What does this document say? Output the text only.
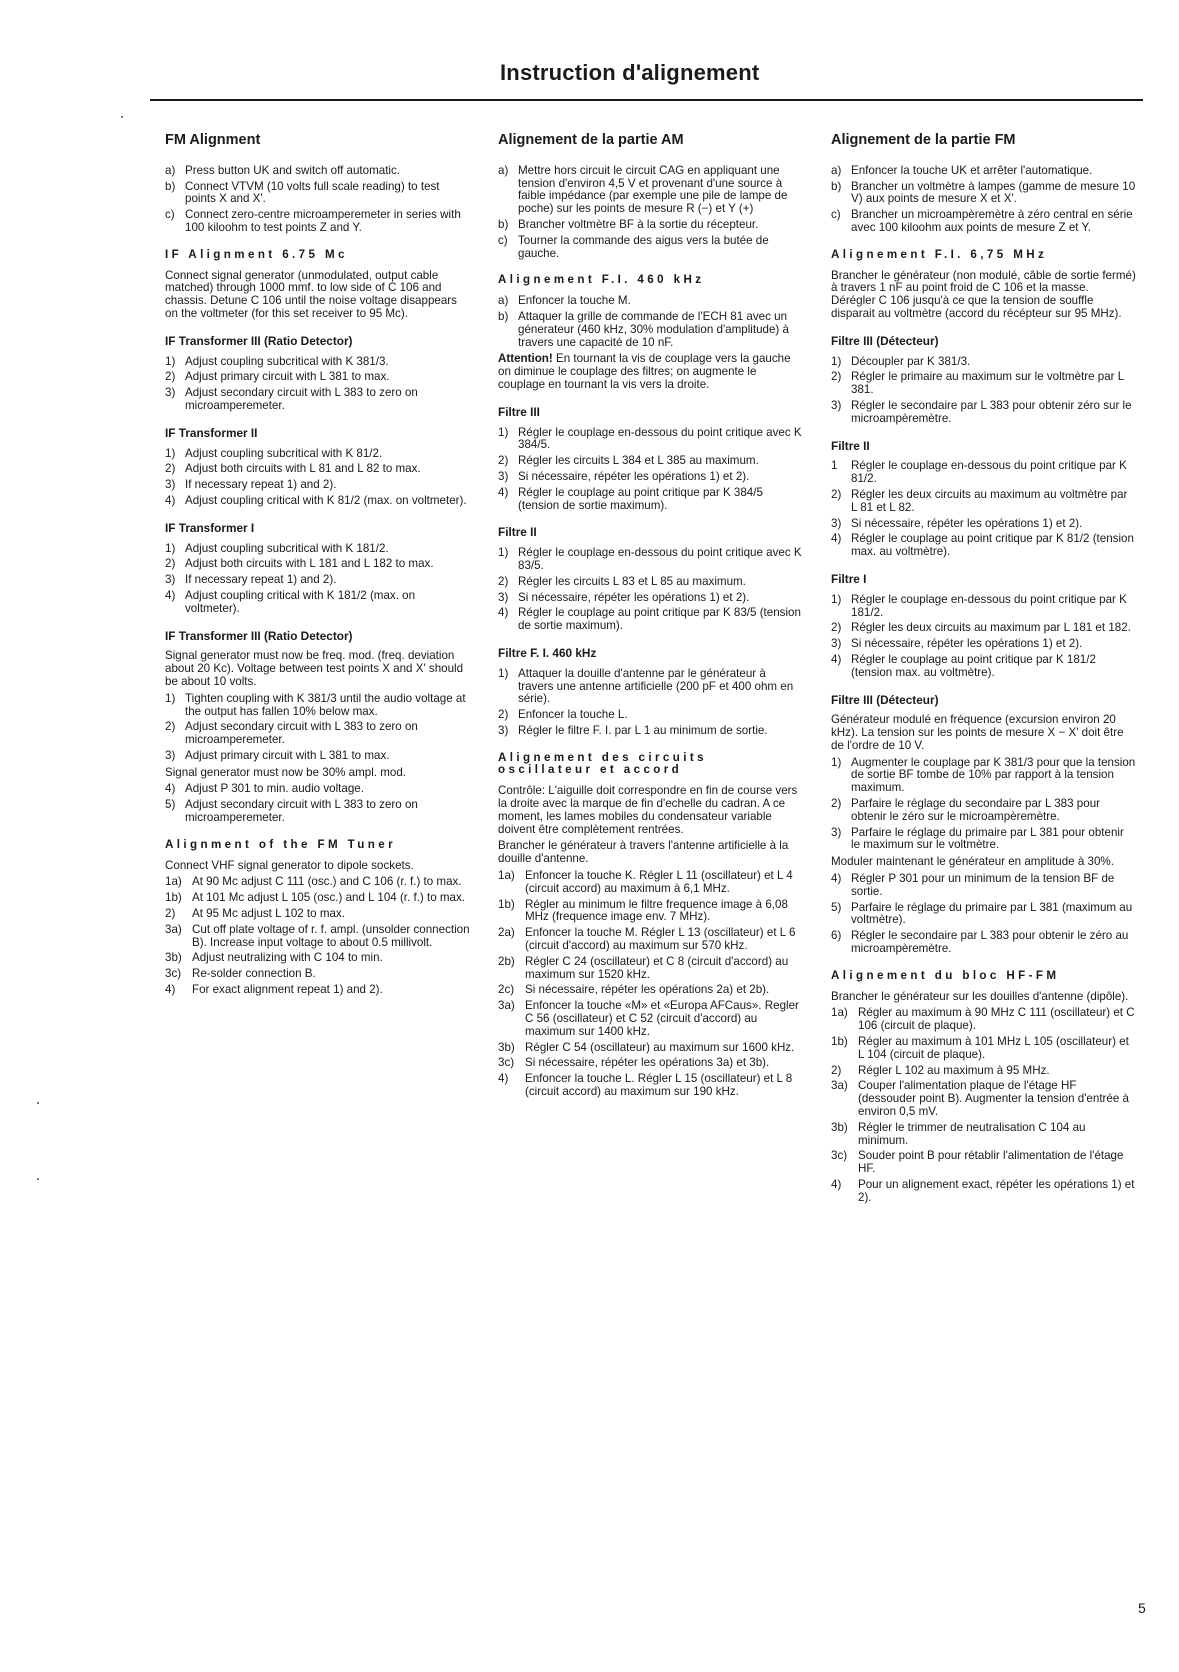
Instruction d'alignement
FM Alignment
a) Press button UK and switch off automatic.
b) Connect VTVM (10 volts full scale reading) to test points X and X'.
c) Connect zero-centre microamperemeter in series with 100 kiloohm to test points Z and Y.
IF Alignment 6.75 Mc

Connect signal generator (unmodulated, output cable matched) through 1000 mmf. to low side of C 106 and chassis. Detune C 106 until the noise voltage disappears on the voltmeter (for this set receiver to 95 Mc).

IF Transformer III (Ratio Detector)
1) Adjust coupling subcritical with K 381/3.
2) Adjust primary circuit with L 381 to max.
3) Adjust secondary circuit with L 383 to zero on microamperemeter.
IF Transformer II
1) Adjust coupling subcritical with K 81/2.
2) Adjust both circuits with L 81 and L 82 to max.
3) If necessary repeat 1) and 2).
4) Adjust coupling critical with K 81/2 (max. on voltmeter).
IF Transformer I
1) Adjust coupling subcritical with K 181/2.
2) Adjust both circuits with L 181 and L 182 to max.
3) If necessary repeat 1) and 2).
4) Adjust coupling critical with K 181/2 (max. on voltmeter).
IF Transformer III (Ratio Detector)

Signal generator must now be freq. mod. (freq. deviation about 20 Kc). Voltage between test points X and X' should be about 10 volts.

1) Tighten coupling with K 381/3 until the audio voltage at the output has fallen 10% below max.
2) Adjust secondary circuit with L 383 to zero on microamperemeter.
3) Adjust primary circuit with L 381 to max.

Signal generator must now be 30% ampl. mod.

4) Adjust P 301 to min. audio voltage.
5) Adjust secondary circuit with L 383 to zero on microamperemeter.
Alignment of the FM Tuner

Connect VHF signal generator to dipole sockets.

1a) At 90 Mc adjust C 111 (osc.) and C 106 (r. f.) to max.
1b) At 101 Mc adjust L 105 (osc.) and L 104 (r. f.) to max.
2)	At 95 Mc adjust L 102 to max.
3a) Cut off plate voltage of r. f. ampl. (unsolder connection B). Increase input voltage to about 0.5 millivolt.
3b) Adjust neutralizing with C 104 to min.
3c) Re-solder connection B.
4)	For exact alignment repeat 1) and 2).
Alignement de la partie AM
a) Mettre hors circuit le circuit CAG en appliquant une tension d'environ 4,5 V et provenant d'une source à faible impédance (par exemple une pile de lampe de poche) sur les points de mesure R (−) et Y (+)
b) Brancher voltmètre BF à la sortie du récepteur.
c) Tourner la commande des aigus vers la butée de gauche.
Alignement F.I. 460 kHz
a) Enfoncer la touche M.
b) Attaquer la grille de commande de l'ECH 81 avec un génerateur (460 kHz, 30% modulation d'amplitude) à travers une capacité de 10 nF.

Attention! En tournant la vis de couplage vers la gauche on diminue le couplage des filtres; on augmente le couplage en tournant la vis vers la droite.

Filtre III
1) Régler le couplage en-dessous du point critique avec K 384/5.
2) Régler les circuits L 384 et L 385 au maximum.
3) Si nécessaire, répéter les opérations 1) et 2).
4) Régler le couplage au point critique par K 384/5 (tension de sortie maximum).
Filtre II
1) Régler le couplage en-dessous du point critique avec K 83/5.
2) Régler les circuits L 83 et L 85 au maximum.
3) Si nécessaire, répéter les opérations 1) et 2).
4) Régler le couplage au point critique par K 83/5 (tension de sortie maximum).
Filtre F. I. 460 kHz
1) Attaquer la douille d'antenne par le générateur à travers une antenne artificielle (200 pF et 400 ohm en série).
2) Enfoncer la touche L.
3) Régler le filtre F. I. par L 1 au minimum de sortie.
Alignement des circuits oscillateur et accord

Contrôle: L'aiguille doit correspondre en fin de course vers la droite avec la marque de fin d'echelle du cadran. A ce moment, les lames mobiles du condensateur variable doivent être complètement rentrées.

Brancher le générateur à travers l'antenne artificielle à la douille d'antenne.

1a) Enfoncer la touche K. Régler L 11 (oscillateur) et L 4 (circuit accord) au maximum à 6,1 MHz.
1b) Régler au minimum le filtre frequence image à 6,08 MHz (frequence image env. 7 MHz).
2a) Enfoncer la touche M. Régler L 13 (oscillateur) et L 6 (circuit d'accord) au maximum sur 570 kHz.
2b) Régler C 24 (oscillateur) et C 8 (circuit d'accord) au maximum sur 1520 kHz.
2c) Si nécessaire, répéter les opérations 2a) et 2b).
3a) Enfoncer la touche «M» et «Europa AFCaus». Regler C 56 (oscillateur) et C 52 (circuit d'accord) au maximum sur 1400 kHz.
3b) Régler C 54 (oscillateur) au maximum sur 1600 kHz.
3c) Si nécessaire, répéter les opérations 3a) et 3b).
4)	Enfoncer la touche L. Régler L 15 (oscillateur) et L 8 (circuit accord) au maximum sur 190 kHz.
Alignement de la partie FM
a) Enfoncer la touche UK et arrêter l'automatique.
b) Brancher un voltmètre à lampes (gamme de mesure 10 V) aux points de mesure X et X'.
c) Brancher un microampèremètre à zéro central en série avec 100 kiloohm aux points de mesure Z et Y.
Alignement F.I. 6,75 MHz

Brancher le générateur (non modulé, câble de sortie fermé) à travers 1 nF au point froid de C 106 et la masse. Dérégler C 106 jusqu'à ce que la tension de souffle disparait au voltmètre (accord du récépteur sur 95 MHz).

Filtre III (Détecteur)
1) Découpler par K 381/3.
2) Régler le primaire au maximum sur le voltmètre par L 381.
3) Régler le secondaire par L 383 pour obtenir zéro sur le microampèremètre.
Filtre II
1	Régler le couplage en-dessous du point critique par K 81/2.
2) Régler les deux circuits au maximum au voltmètre par L 81 et L 82.
3) Si nécessaire, répéter les opérations 1) et 2).
4) Régler le couplage au point critique par K 81/2 (tension max. au voltmètre).
Filtre I
1) Régler le couplage en-dessous du point critique par K 181/2.
2) Régler les deux circuits au maximum par L 181 et 182.
3) Si nécessaire, répéter les opérations 1) et 2).
4) Régler le couplage au point critique par K 181/2 (tension max. au voltmètre).
Filtre III (Détecteur)

Générateur modulé en fréquence (excursion environ 20 kHz). La tension sur les points de mesure X − X' doit être de l'ordre de 10 V.

1) Augmenter le couplage par K 381/3 pour que la tension de sortie BF tombe de 10% par rapport à la tension maximum.
2) Parfaire le réglage du secondaire par L 383 pour obtenir le zéro sur le microampèremètre.
3) Parfaire le réglage du primaire par L 381 pour obtenir le maximum sur le voltmètre.

Moduler maintenant le générateur en amplitude à 30%.

4) Régler P 301 pour un minimum de la tension BF de sortie.
5) Parfaire le réglage du primaire par L 381 (maximum au voltmètre).
6) Régler le secondaire par L 383 pour obtenir le zéro au microampèremètre.
Alignement du bloc HF-FM

Brancher le générateur sur les douilles d'antenne (dipôle).

1a) Régler au maximum à 90 MHz C 111 (oscillateur) et C 106 (circuit de plaque).
1b) Régler au maximum à 101 MHz L 105 (oscillateur) et L 104 (circuit de plaque).
2)	Régler L 102 au maximum à 95 MHz.
3a) Couper l'alimentation plaque de l'étage HF (dessouder point B). Augmenter la tension d'entrée à environ 0,5 mV.
3b) Régler le trimmer de neutralisation C 104 au minimum.
3c) Souder point B pour rétablir l'alimentation de l'étage HF.
4)	Pour un alignement exact, répéter les opérations 1) et 2).
5
